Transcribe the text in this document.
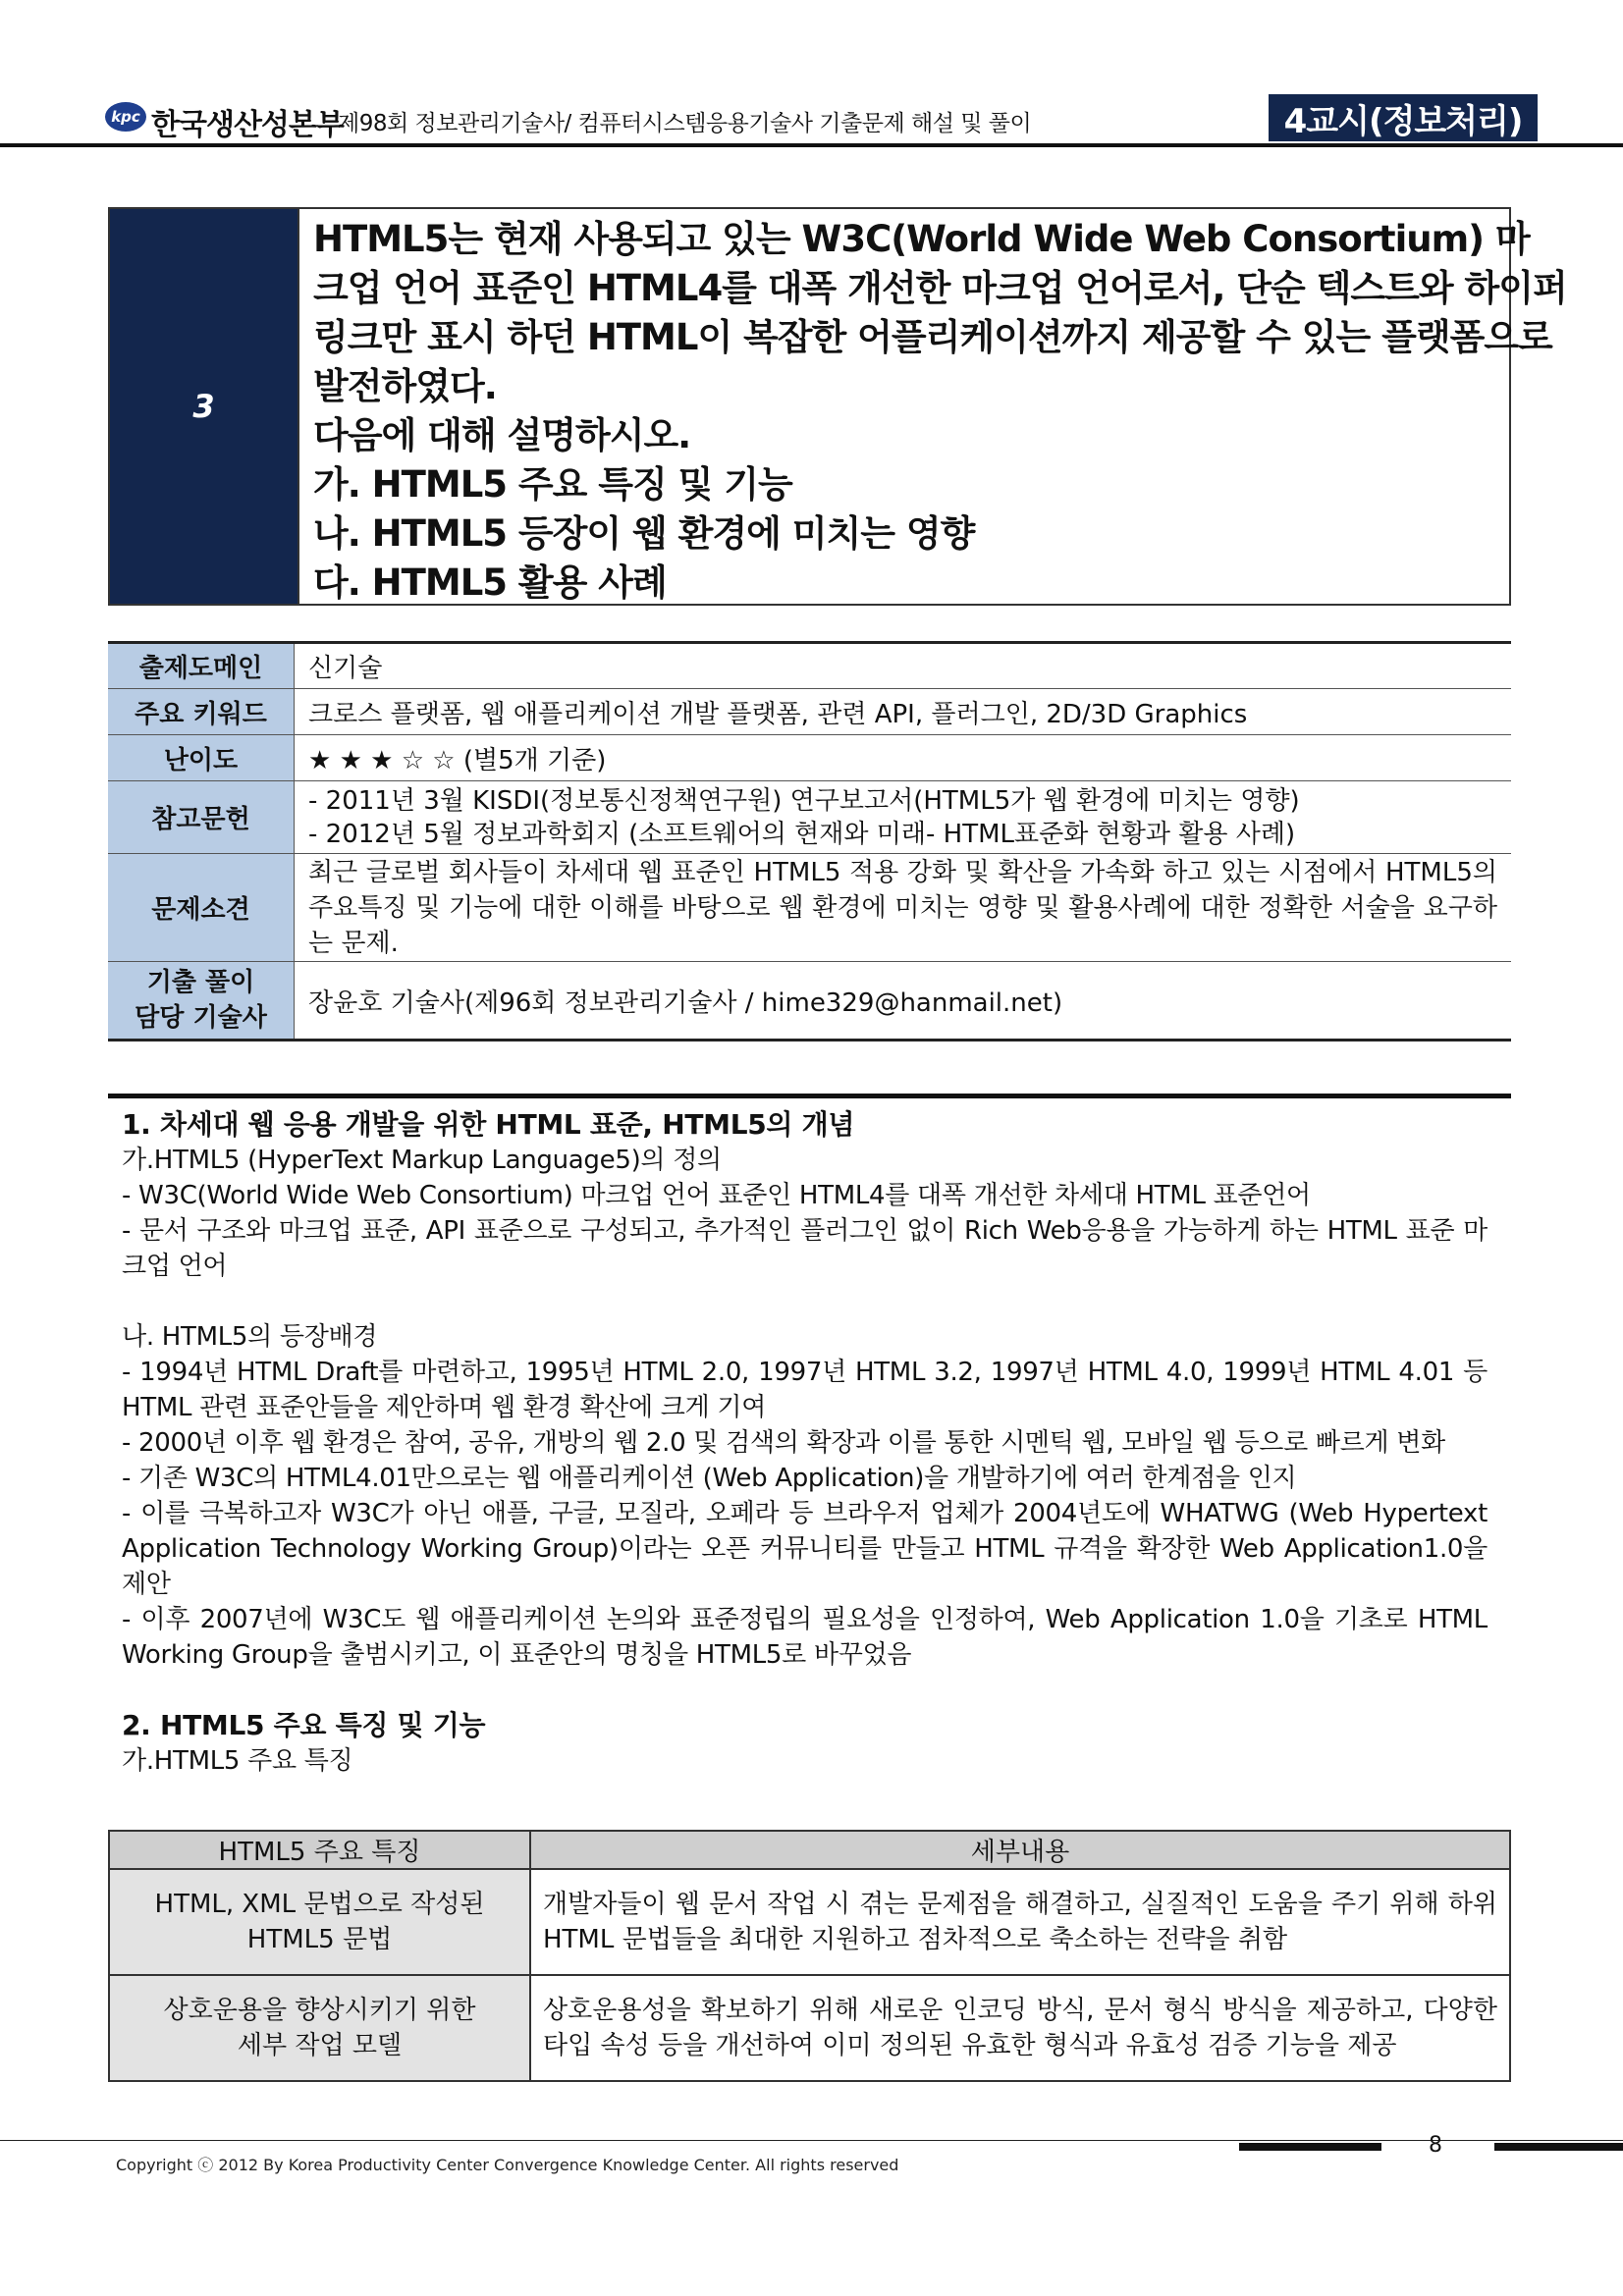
kpc 한국생산성본부
제98회 정보관리기술사/ 컴퓨터시스템응용기술사 기출문제 해설 및 풀이	4교시(정보처리)
3
HTML5는 현재 사용되고 있는 W3C(World Wide Web Consortium) 마
크업 언어 표준인 HTML4를 대폭 개선한 마크업 언어로서, 단순 텍스트와 하이퍼
링크만 표시 하던 HTML이 복잡한 어플리케이션까지 제공할 수 있는 플랫폼으로
발전하였다.
다음에 대해 설명하시오.
가. HTML5 주요 특징 및 기능
나. HTML5 등장이 웹 환경에 미치는 영향
다. HTML5 활용 사례
출제도메인	신기술
주요 키워드	크로스 플랫폼, 웹 애플리케이션 개발 플랫폼, 관련 API, 플러그인, 2D/3D Graphics
난이도	★ ★ ★ ☆ ☆ (별5개 기준)
참고문헌	- 2011년 3월 KISDI(정보통신정책연구원) 연구보고서(HTML5가 웹 환경에 미치는 영향)
- 2012년 5월 정보과학회지 (소프트웨어의 현재와 미래- HTML표준화 현황과 활용 사례)

문제소견	최근 글로벌 회사들이 차세대 웹 표준인 HTML5 적용 강화 및 확산을 가속화 하고 있는 시점에서 HTML5의 주요특징 및 기능에 대한 이해를 바탕으로 웹 환경에 미치는 영향 및 활용사례에 대한 정확한 서술을 요구하는 문제.

기출 풀이
담당 기술사	장윤호 기술사(제96회 정보관리기술사 / hime329@hanmail.net)

1. 차세대 웹 응용 개발을 위한 HTML 표준, HTML5의 개념

가.HTML5 (HyperText Markup Language5)의 정의

- W3C(World Wide Web Consortium) 마크업 언어 표준인 HTML4를 대폭 개선한 차세대 HTML 표준언어

- 문서 구조와 마크업 표준, API 표준으로 구성되고, 추가적인 플러그인 없이 Rich Web응용을 가능하게 하는 HTML 표준 마크업 언어

나. HTML5의 등장배경

- 1994년 HTML Draft를 마련하고, 1995년 HTML 2.0, 1997년 HTML 3.2, 1997년 HTML 4.0, 1999년 HTML 4.01 등 HTML 관련 표준안들을 제안하며 웹 환경 확산에 크게 기여

- 2000년 이후 웹 환경은 참여, 공유, 개방의 웹 2.0 및 검색의 확장과 이를 통한 시멘틱 웹, 모바일 웹 등으로 빠르게 변화

- 기존 W3C의 HTML4.01만으로는 웹 애플리케이션 (Web Application)을 개발하기에 여러 한계점을 인지

- 이를 극복하고자 W3C가 아닌 애플, 구글, 모질라, 오페라 등 브라우저 업체가 2004년도에 WHATWG (Web Hypertext Application Technology Working Group)이라는 오픈 커뮤니티를 만들고 HTML 규격을 확장한 Web Application1.0을 제안

- 이후 2007년에 W3C도 웹 애플리케이션 논의와 표준정립의 필요성을 인정하여, Web Application 1.0을 기초로 HTML Working Group을 출범시키고, 이 표준안의 명칭을 HTML5로 바꾸었음

2. HTML5 주요 특징 및 기능

가.HTML5 주요 특징

HTML5 주요 특징	세부내용

HTML, XML 문법으로 작성된
HTML5 문법	개발자들이 웹 문서 작업 시 겪는 문제점을 해결하고, 실질적인 도움을 주기 위해 하위 HTML 문법들을 최대한 지원하고 점차적으로 축소하는 전략을 취함

상호운용을 향상시키기 위한
세부 작업 모델	상호운용성을 확보하기 위해 새로운 인코딩 방식, 문서 형식 방식을 제공하고, 다양한 타입 속성 등을 개선하여 이미 정의된 유효한 형식과 유효성 검증 기능을 제공
8
Copyright ⓒ 2012 By Korea Productivity Center Convergence Knowledge Center. All rights reserved
